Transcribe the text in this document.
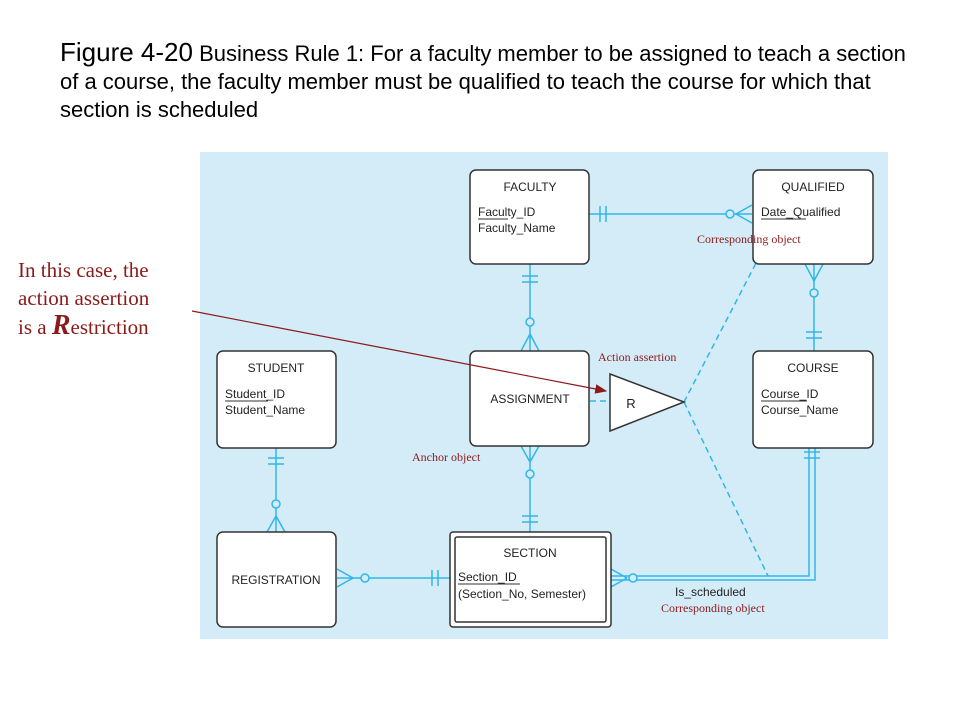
Figure 4-20 Business Rule 1: For a faculty member to be assigned to teach a section of a course, the faculty member must be qualified to teach the course for which that section is scheduled
FACULTY
Faculty_ID
Faculty_Name
QUALIFIED
Date_Qualified
STUDENT
Student_ID
Student_Name
ASSIGNMENT
COURSE
Course_ID
Course_Name
REGISTRATION
SECTION
Section_ID
(Section_No, Semester)	Is_scheduled
R
Corresponding object
Action assertion
Anchor object
Corresponding object
In this case, the
action assertion
is a Restriction
